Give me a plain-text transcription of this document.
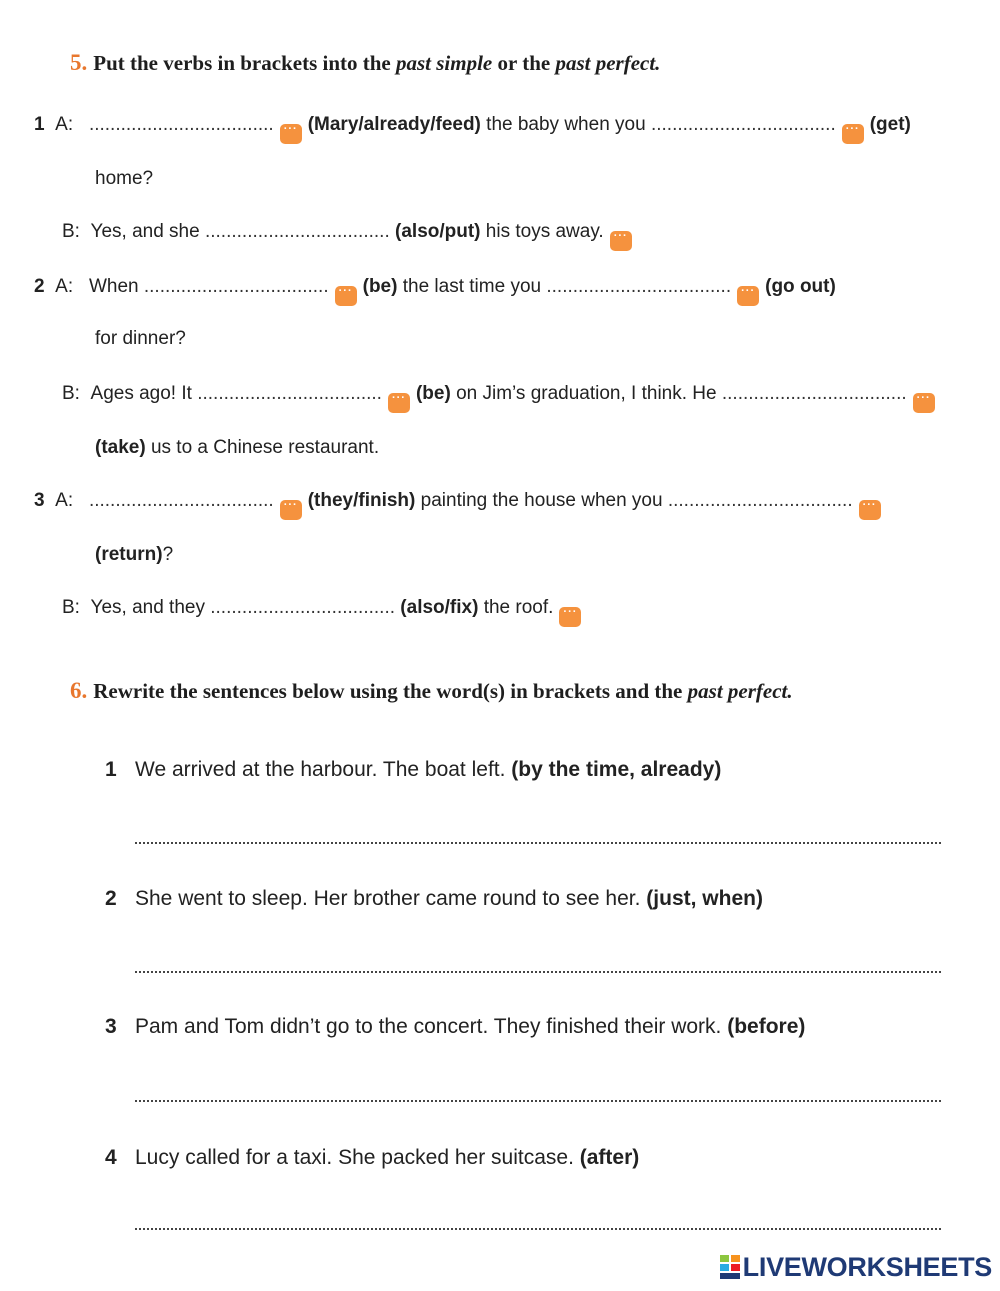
5. Put the verbs in brackets into the past simple or the past perfect.
1 A: ................................... ··· (Mary/already/feed) the baby when you ................................... ··· (get)
home?
B: Yes, and she ................................... (also/put) his toys away. ···
2 A: When ................................... ··· (be) the last time you ................................... ··· (go out)
for dinner?
B: Ages ago! It ................................... ··· (be) on Jim’s graduation, I think. He ................................... ···
(take) us to a Chinese restaurant.
3 A: ................................... ··· (they/finish) painting the house when you ................................... ···
(return)?
B: Yes, and they ................................... (also/fix) the roof. ···
6. Rewrite the sentences below using the word(s) in brackets and the past perfect.
1 We arrived at the harbour. The boat left. (by the time, already)
2 She went to sleep. Her brother came round to see her. (just, when)
3 Pam and Tom didn’t go to the concert. They finished their work. (before)
4 Lucy called for a taxi. She packed her suitcase. (after)
LIVEWORKSHEETS
